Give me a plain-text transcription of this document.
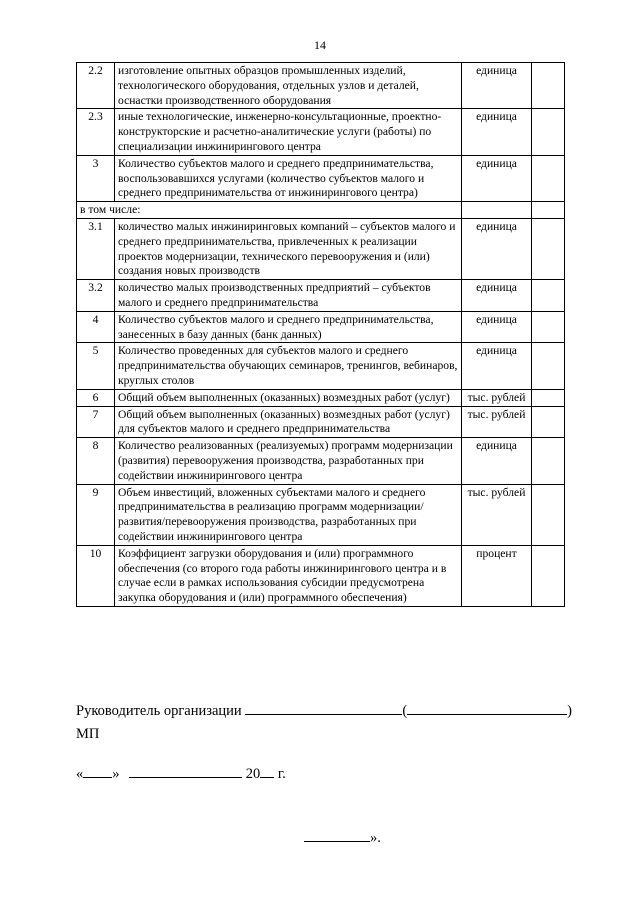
14
2.2	изготовление опытных образцов промышленных изделий, технологического оборудования, отдельных узлов и деталей, оснастки производственного оборудования	единица	
2.3	иные технологические, инженерно-консультационные, проектно-конструкторские и расчетно-аналитические услуги (работы) по специализации инжинирингового центра	единица	
3	Количество субъектов малого и среднего предпринимательства, воспользовавшихся услугами (количество субъектов малого и среднего предпринимательства от инжинирингового центра)	единица	
в том числе:			
3.1	количество малых инжиниринговых компаний – субъектов малого и среднего предпринимательства, привлеченных к реализации проектов модернизации, технического перевооружения и (или) создания новых производств	единица	
3.2	количество малых производственных предприятий – субъектов малого и среднего предпринимательства	единица	
4	Количество субъектов малого и среднего предпринимательства, занесенных в базу данных (банк данных)	единица	
5	Количество проведенных для субъектов малого и среднего предпринимательства обучающих семинаров, тренингов, вебинаров, круглых столов	единица	
6	Общий объем выполненных (оказанных) возмездных работ (услуг)	тыс. рублей	
7	Общий объем выполненных (оказанных) возмездных работ (услуг) для субъектов малого и среднего предпринимательства	тыс. рублей	
8	Количество реализованных (реализуемых) программ модернизации (развития) перевооружения производства, разработанных при содействии инжинирингового центра	единица	
9	Объем инвестиций, вложенных субъектами малого и среднего предпринимательства в реализацию программ модернизации/развития/перевооружения производства, разработанных при содействии инжинирингового центра	тыс. рублей	
10	Коэффициент загрузки оборудования и (или) программного обеспечения (со второго года работы инжинирингового центра и в случае если в рамках использования субсидии предусмотрена закупка оборудования и (или) программного обеспечения)	процент	
Руководитель организации	(	)
МП
« »	20 г.
».
